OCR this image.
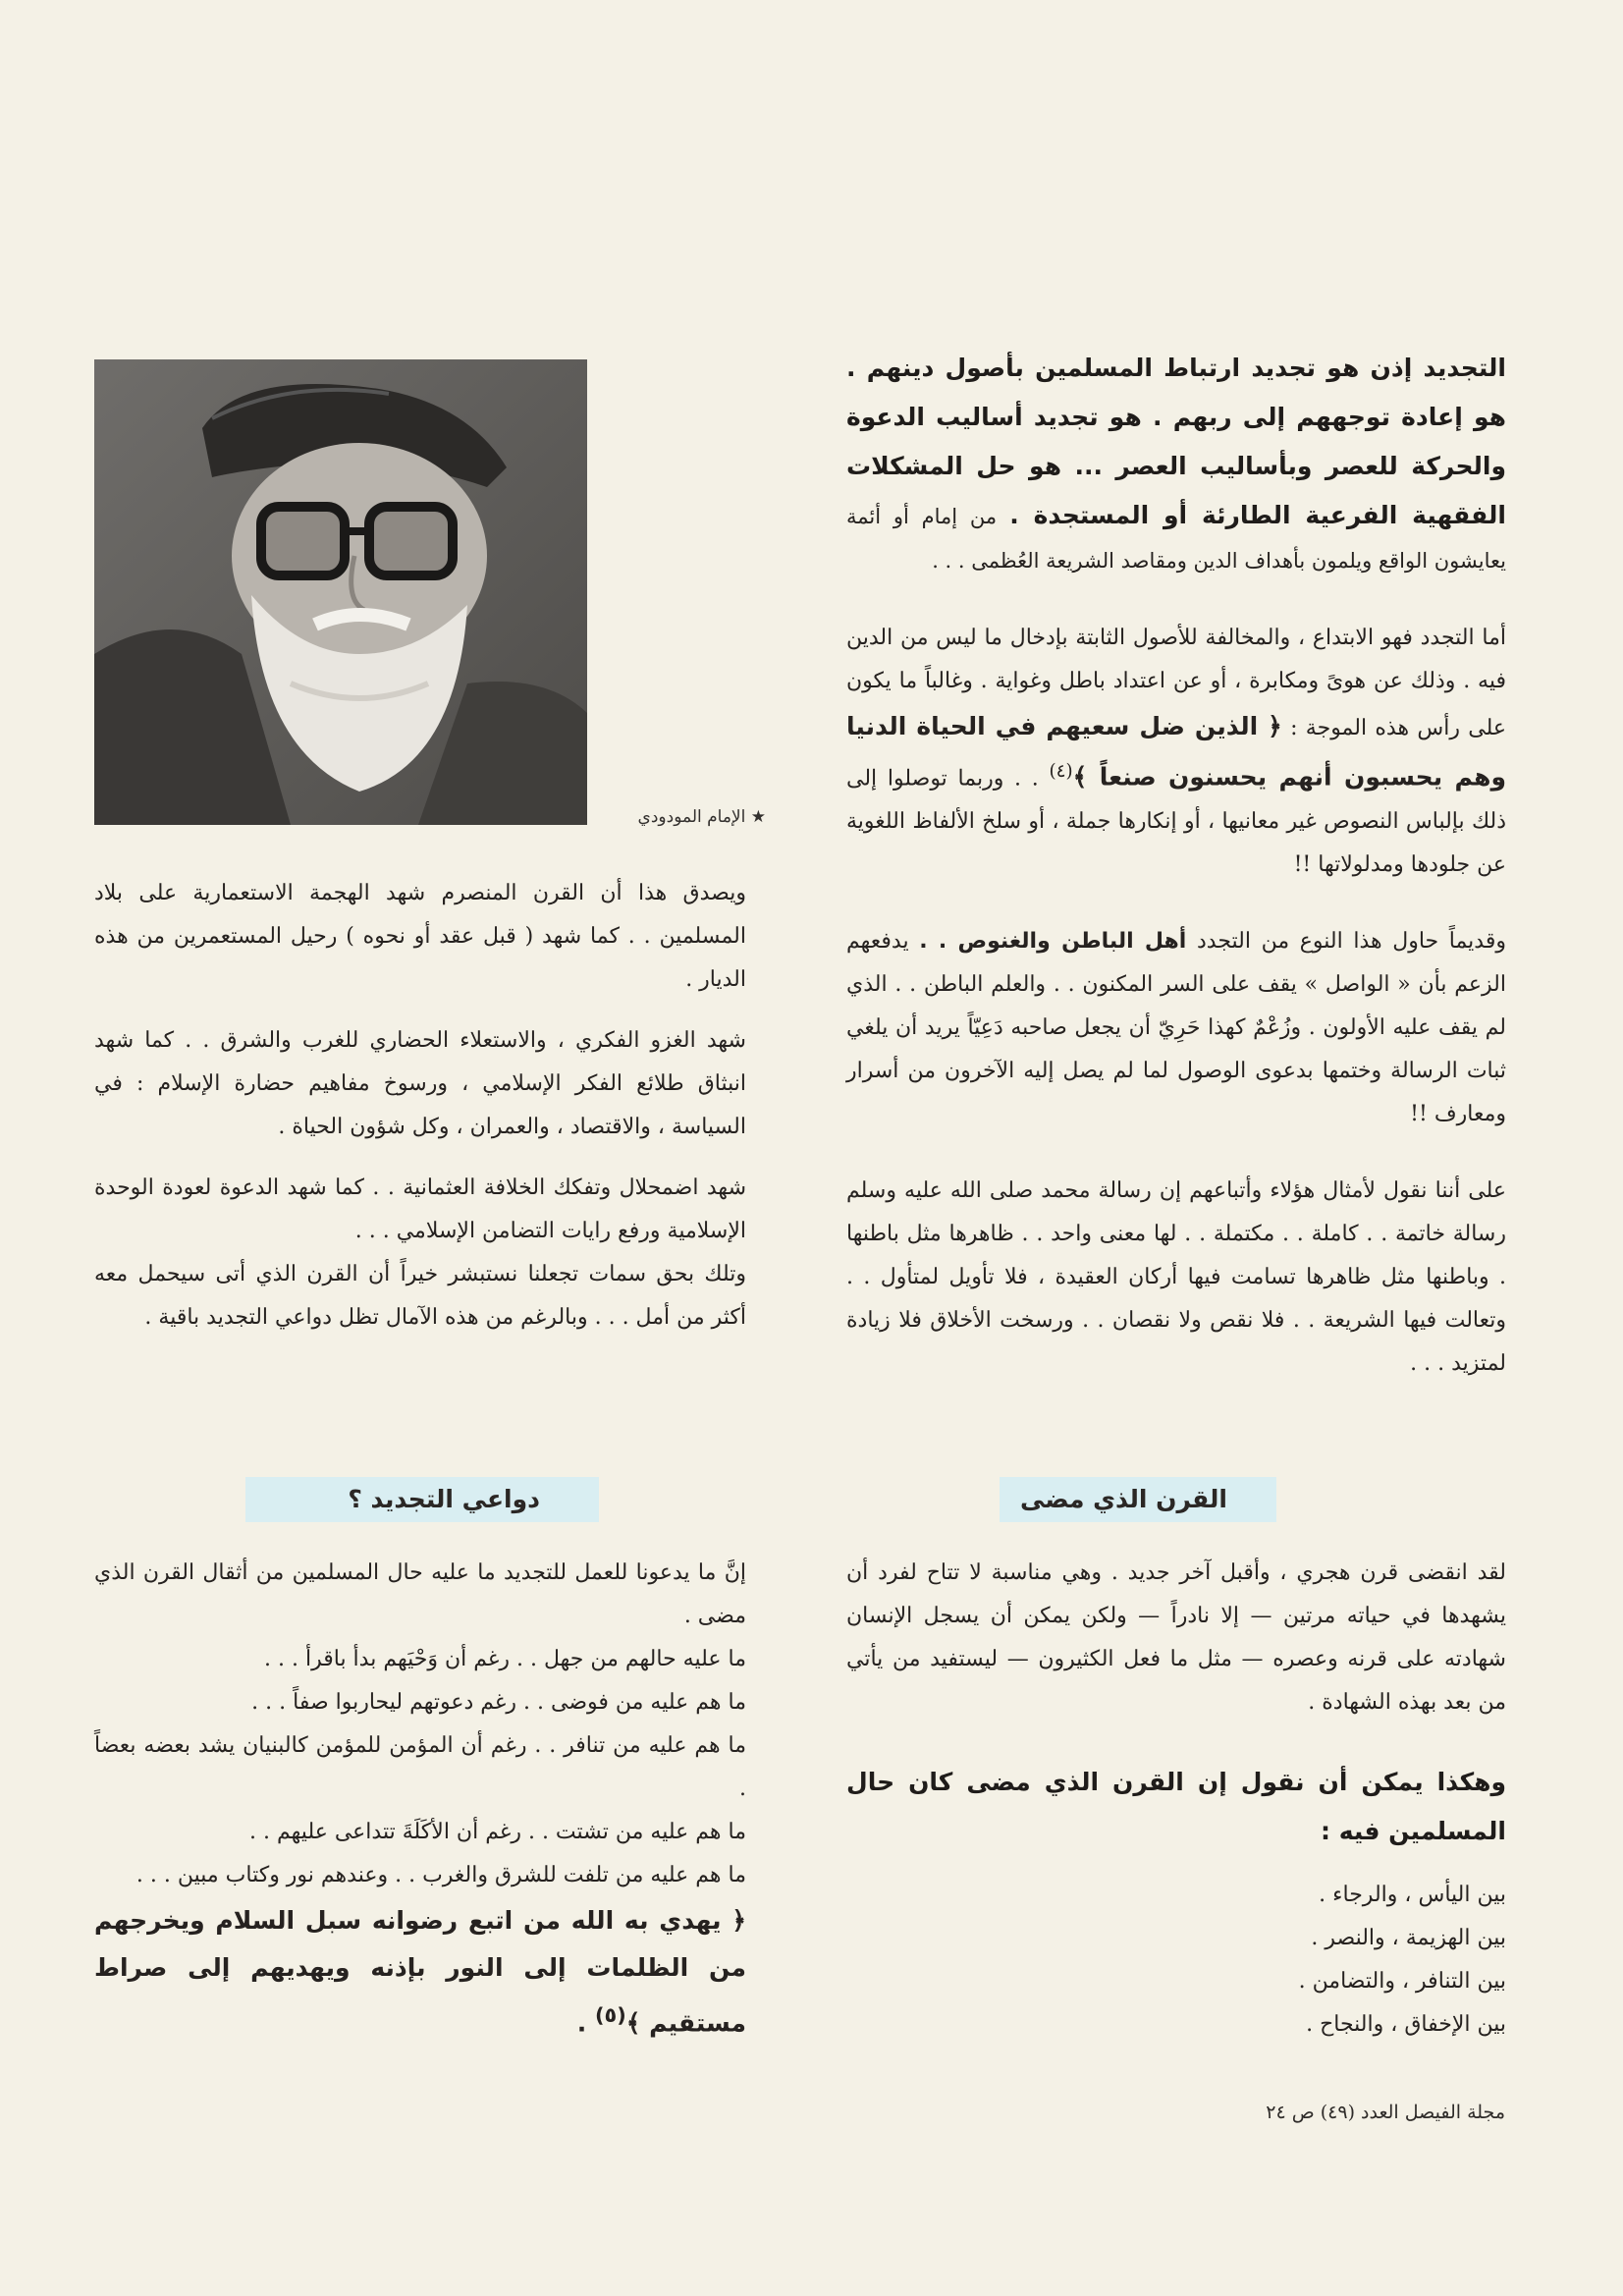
التجديد إذن هو تجديد ارتباط المسلمين بأصول دينهم . هو إعادة توجههم إلى ربهم . هو تجديد أساليب الدعوة والحركة للعصر وبأساليب العصر ... هو حل المشكلات الفقهية الفرعية الطارئة أو المستجدة . من إمام أو أئمة يعايشون الواقع ويلمون بأهداف الدين ومقاصد الشريعة العُظمى . . .

أما التجدد فهو الابتداع ، والمخالفة للأصول الثابتة بإدخال ما ليس من الدين فيه . وذلك عن هوىً ومكابرة ، أو عن اعتداد باطل وغواية . وغالباً ما يكون على رأس هذه الموجة : ﴿ الذين ضل سعيهم في الحياة الدنيا وهم يحسبون أنهم يحسنون صنعاً ﴾$^{(٤)}$ . . وربما توصلوا إلى ذلك بإلباس النصوص غير معانيها ، أو إنكارها جملة ، أو سلخ الألفاظ اللغوية عن جلودها ومدلولاتها !!

وقديماً حاول هذا النوع من التجدد أهل الباطن والغنوص . . يدفعهم الزعم بأن « الواصل » يقف على السر المكنون . . والعلم الباطن . . الذي لم يقف عليه الأولون . وزُعْمٌ كهذا حَرِيّ أن يجعل صاحبه دَعِيّاً يريد أن يلغي ثبات الرسالة وختمها بدعوى الوصول لما لم يصل إليه الآخرون من أسرار ومعارف !!

على أننا نقول لأمثال هؤلاء وأتباعهم إن رسالة محمد صلى الله عليه وسلم رسالة خاتمة . . كاملة . . مكتملة . . لها معنى واحد . . ظاهرها مثل باطنها . وباطنها مثل ظاهرها تسامت فيها أركان العقيدة ، فلا تأويل لمتأول . . وتعالت فيها الشريعة . . فلا نقص ولا نقصان . . ورسخت الأخلاق فلا زيادة لمتزيد . . .

القرن الذي مضى

لقد انقضى قرن هجري ، وأقبل آخر جديد . وهي مناسبة لا تتاح لفرد أن يشهدها في حياته مرتين — إلا نادراً — ولكن يمكن أن يسجل الإنسان شهادته على قرنه وعصره — مثل ما فعل الكثيرون — ليستفيد من يأتي من بعد بهذه الشهادة .

وهكذا يمكن أن نقول إن القرن الذي مضى كان حال المسلمين فيه :

بين اليأس ، والرجاء .
بين الهزيمة ، والنصر .
بين التنافر ، والتضامن .
بين الإخفاق ، والنجاح .
★ الإمام المودودي

ويصدق هذا أن القرن المنصرم شهد الهجمة الاستعمارية على بلاد المسلمين . . كما شهد ( قبل عقد أو نحوه ) رحيل المستعمرين من هذه الديار .

شهد الغزو الفكري ، والاستعلاء الحضاري للغرب والشرق . . كما شهد انبثاق طلائع الفكر الإسلامي ، ورسوخ مفاهيم حضارة الإسلام : في السياسة ، والاقتصاد ، والعمران ، وكل شؤون الحياة .

شهد اضمحلال وتفكك الخلافة العثمانية . . كما شهد الدعوة لعودة الوحدة الإسلامية ورفع رايات التضامن الإسلامي . . .

وتلك بحق سمات تجعلنا نستبشر خيراً أن القرن الذي أتى سيحمل معه أكثر من أمل . . . وبالرغم من هذه الآمال تظل دواعي التجديد باقية .

دواعي التجديد ؟

إنَّ ما يدعونا للعمل للتجديد ما عليه حال المسلمين من أثقال القرن الذي مضى .

ما عليه حالهم من جهل . . رغم أن وَحْيَهم بدأ باقرأ . . .

ما هم عليه من فوضى . . رغم دعوتهم ليحاربوا صفاً . . .

ما هم عليه من تنافر . . رغم أن المؤمن للمؤمن كالبنيان يشد بعضه بعضاً .

ما هم عليه من تشتت . . رغم أن الأكَلَةَ تتداعى عليهم . .

ما هم عليه من تلفت للشرق والغرب . . وعندهم نور وكتاب مبين . . .

﴿ يهدي به الله من اتبع رضوانه سبل السلام ويخرجهم من الظلمات إلى النور بإذنه ويهديهم إلى صراط مستقيم ﴾$^{(٥)}$ .

مجلة الفيصل العدد (٤٩) ص ٢٤
